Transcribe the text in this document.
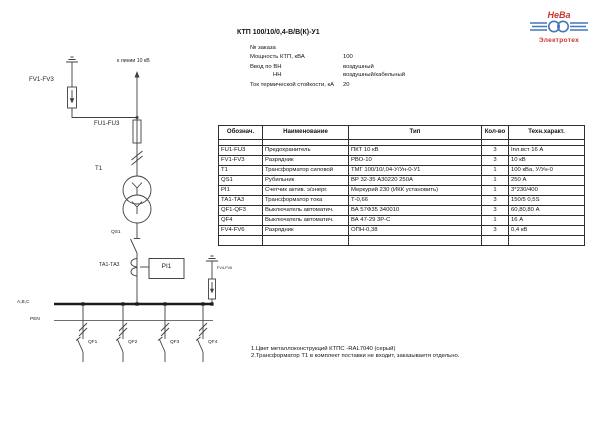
КТП 100/10/0,4-В/В(К)-У1
№ заказа
Мощность КТП, кВА	100
Ввод по ВН	воздушный
НН	воздушный/кабельный
Ток термической стойкости, кА 20
НеВа
Электротех
к линии 10 кВ
FV1-FV3
FU1-FU3
Т1
QS1
ТА1-ТА3	PI1	FV4-FV6
А,В,С
PEN
QF1	QF2	QF3	QF4
Обознач.	Наименование	Тип	Кол-во	Техн.характ.

FU1-FU3	Предохранитель	ПКТ 10 кВ	3	Iпл.вст 16 А
FV1-FV3	Разрядник	РВО-10	3	10 кВ
Т1	Трансформатор силовой	ТМГ 100/10/,04-У/Ун-0-У1	1	100 кВа, У/Ун-0
QS1	Рубильник	ВР 32-35 А30220 250А	1	250 А
PI1	Счетчик актив. э/энерг.	Меркурий 230 (ИКК установить)	1	3*230/400
ТА1-ТА3	Трансформатор тока	Т-0,66	3	150/5 0,5S
QF1-QF3	Выключатель автоматич.	ВА 57Ф35 340010	3	60,80,80 А
QF4	Выключатель автоматич.	ВА 47-29 3Р-С	1	16 А
FV4-FV6	Разрядник	ОПН-0,38	3	0,4 кВ

1.Цвет металлоконструкций КТПС -RAL7040 (серый)
2.Трансформатор Т1 в комплект поставки не входит, заказываетя отдельно.
